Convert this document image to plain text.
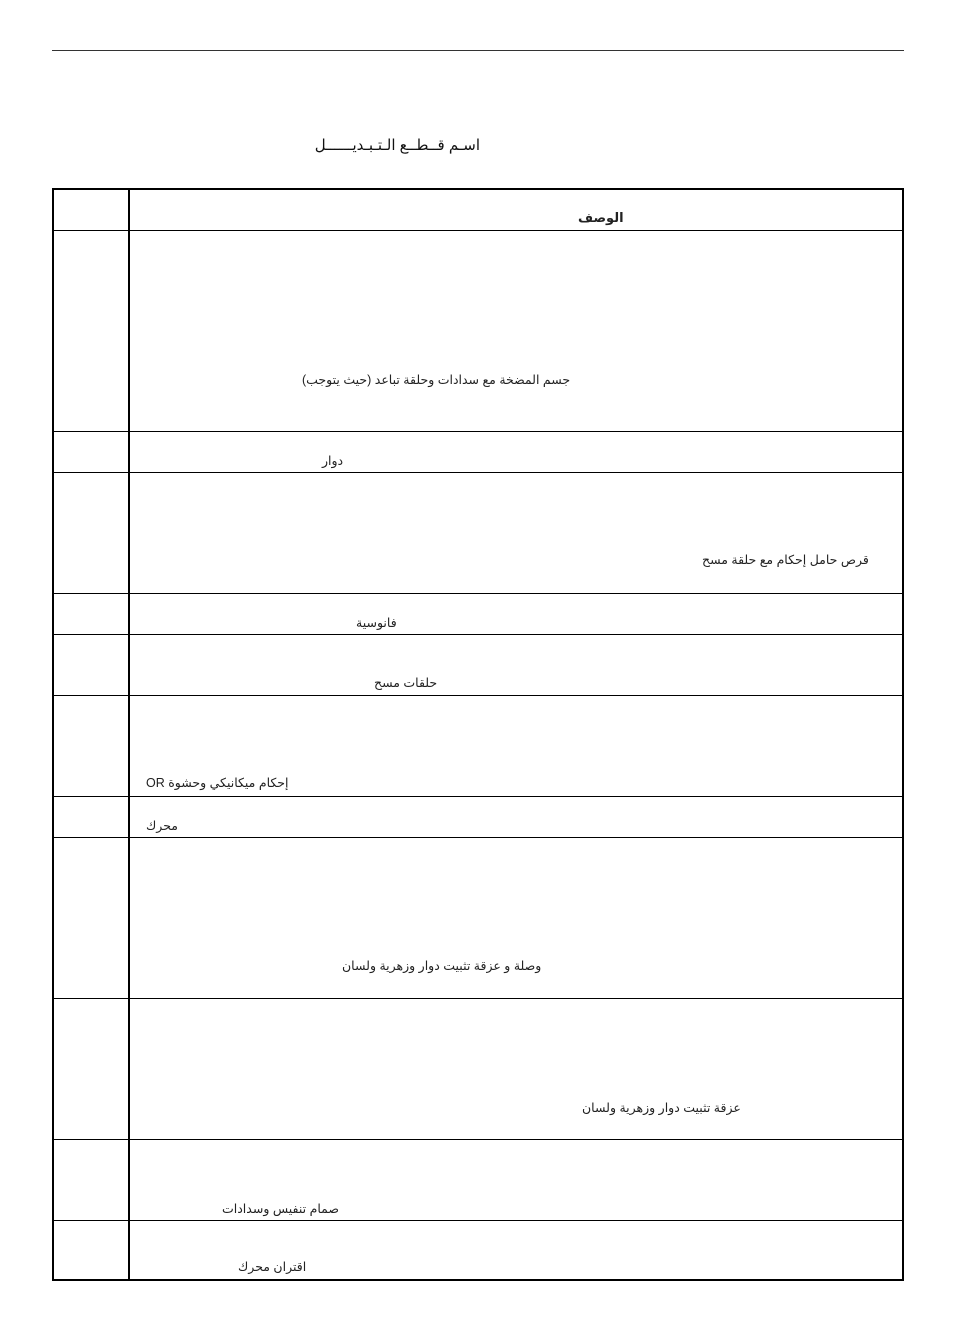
اسـم قــطــع الـتـبـديــــــل
الوصف
جسم المضخة مع سدادات وحلقة تباعد (حيث يتوجب)
دوار
قرص حامل إحكام مع حلقة مسح
فانوسية
حلقات مسح
إحكام ميكانيكي وحشوة OR
محرك
وصلة و عزقة تثبيت دوار وزهرية ولسان
عزقة تثبيت دوار وزهرية ولسان
صمام تنفيس وسدادات
اقتران محرك
